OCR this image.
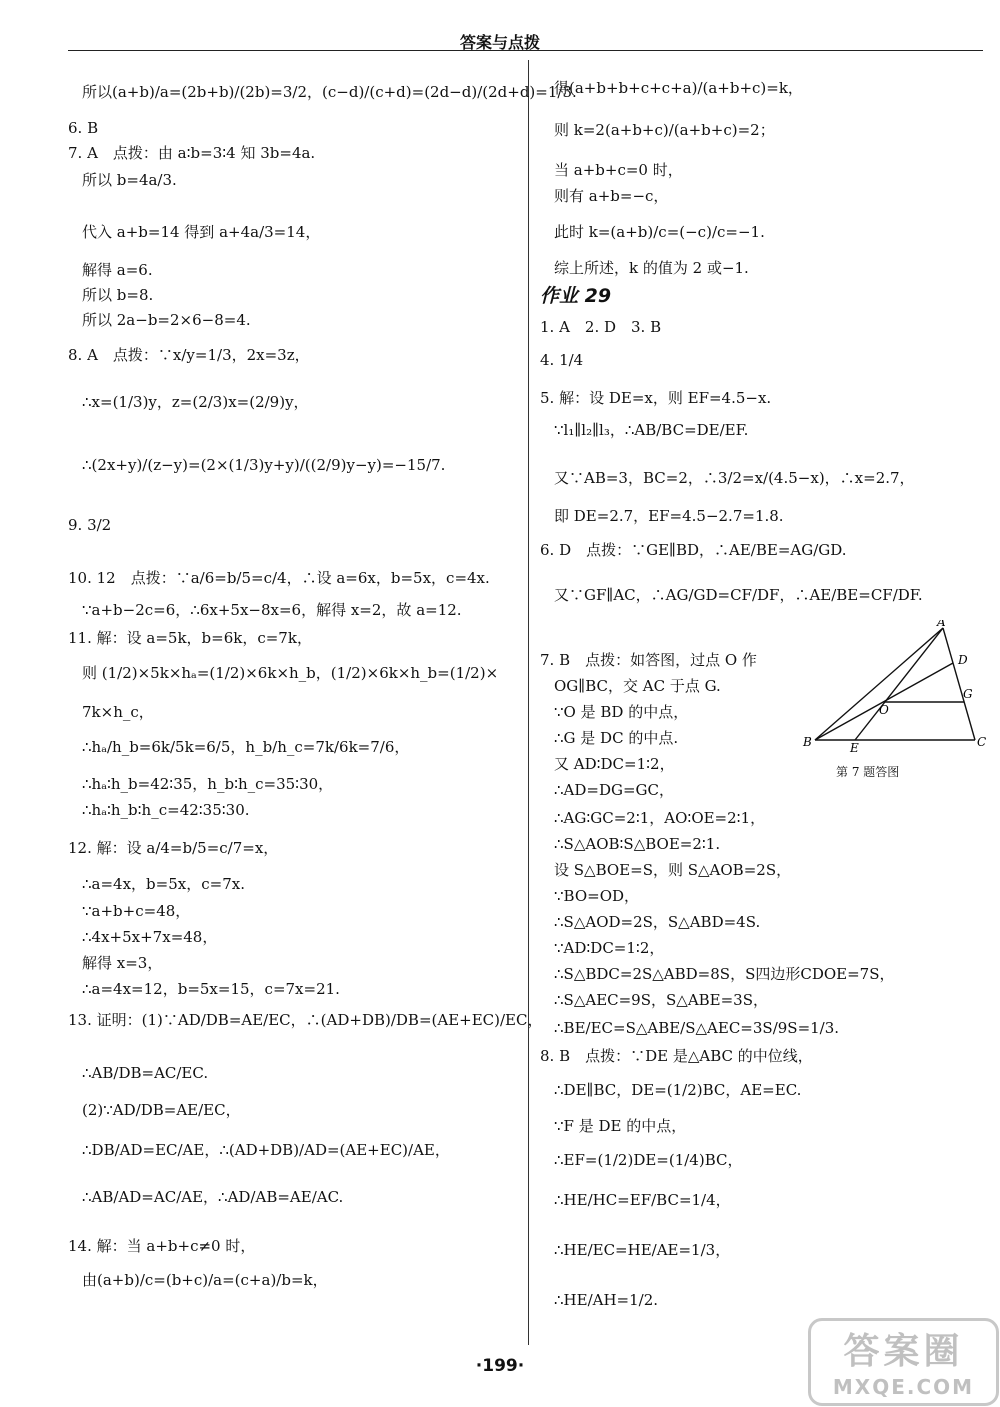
答案与点拨
所以(a+b)/a=(2b+b)/(2b)=3/2，(c−d)/(c+d)=(2d−d)/(2d+d)=1/3.
6. B
7. A　点拨：由 a∶b=3∶4 知 3b=4a.
所以 b=4a/3.
代入 a+b=14 得到 a+4a/3=14，
解得 a=6.
所以 b=8.
所以 2a−b=2×6−8=4.
8. A　点拨：∵x/y=1/3，2x=3z，
∴x=(1/3)y，z=(2/3)x=(2/9)y，
∴(2x+y)/(z−y)=(2×(1/3)y+y)/((2/9)y−y)=−15/7.
9. 3/2
10. 12　点拨：∵a/6=b/5=c/4，∴设 a=6x，b=5x，c=4x.
∵a+b−2c=6，∴6x+5x−8x=6，解得 x=2，故 a=12.
11. 解：设 a=5k，b=6k，c=7k，
则 (1/2)×5k×hₐ=(1/2)×6k×h_b，(1/2)×6k×h_b=(1/2)×
7k×h_c，
∴hₐ/h_b=6k/5k=6/5，h_b/h_c=7k/6k=7/6，
∴hₐ∶h_b=42∶35，h_b∶h_c=35∶30，
∴hₐ∶h_b∶h_c=42∶35∶30.
12. 解：设 a/4=b/5=c/7=x，
∴a=4x，b=5x，c=7x.
∵a+b+c=48，
∴4x+5x+7x=48，
解得 x=3，
∴a=4x=12，b=5x=15，c=7x=21.
13. 证明：(1)∵AD/DB=AE/EC，∴(AD+DB)/DB=(AE+EC)/EC，
∴AB/DB=AC/EC.
(2)∵AD/DB=AE/EC，
∴DB/AD=EC/AE，∴(AD+DB)/AD=(AE+EC)/AE，
∴AB/AD=AC/AE，∴AD/AB=AE/AC.
14. 解：当 a+b+c≠0 时，
由(a+b)/c=(b+c)/a=(c+a)/b=k，
得(a+b+b+c+c+a)/(a+b+c)=k，
则 k=2(a+b+c)/(a+b+c)=2；
当 a+b+c=0 时，
则有 a+b=−c，
此时 k=(a+b)/c=(−c)/c=−1.
综上所述，k 的值为 2 或−1.
作业 29
1. A　2. D　3. B
4. 1/4
5. 解：设 DE=x，则 EF=4.5−x.
∵l₁∥l₂∥l₃，∴AB/BC=DE/EF.
又∵AB=3，BC=2，∴3/2=x/(4.5−x)，∴x=2.7，
即 DE=2.7，EF=4.5−2.7=1.8.
6. D　点拨：∵GE∥BD，∴AE/BE=AG/GD.
又∵GF∥AC，∴AG/GD=CF/DF，∴AE/BE=CF/DF.
7. B　点拨：如答图，过点 O 作
OG∥BC，交 AC 于点 G.
∵O 是 BD 的中点，
∴G 是 DC 的中点.
又 AD∶DC=1∶2，
∴AD=DG=GC，
∴AG∶GC=2∶1，AO∶OE=2∶1，
∴S△AOB∶S△BOE=2∶1.
设 S△BOE=S，则 S△AOB=2S，
∵BO=OD，
∴S△AOD=2S，S△ABD=4S.
∵AD∶DC=1∶2，
∴S△BDC=2S△ABD=8S，S四边形CDOE=7S，
∴S△AEC=9S，S△ABE=3S，
∴BE/EC=S△ABE/S△AEC=3S/9S=1/3.
8. B　点拨：∵DE 是△ABC 的中位线，
∴DE∥BC，DE=(1/2)BC，AE=EC.
∵F 是 DE 的中点，
∴EF=(1/2)DE=(1/4)BC，
∴HE/HC=EF/BC=1/4，
∴HE/EC=HE/AE=1/3，
∴HE/AH=1/2.
A
D
G
O
B	E	C
第 7 题答图
·199·	答案圈
MXQE.COM
